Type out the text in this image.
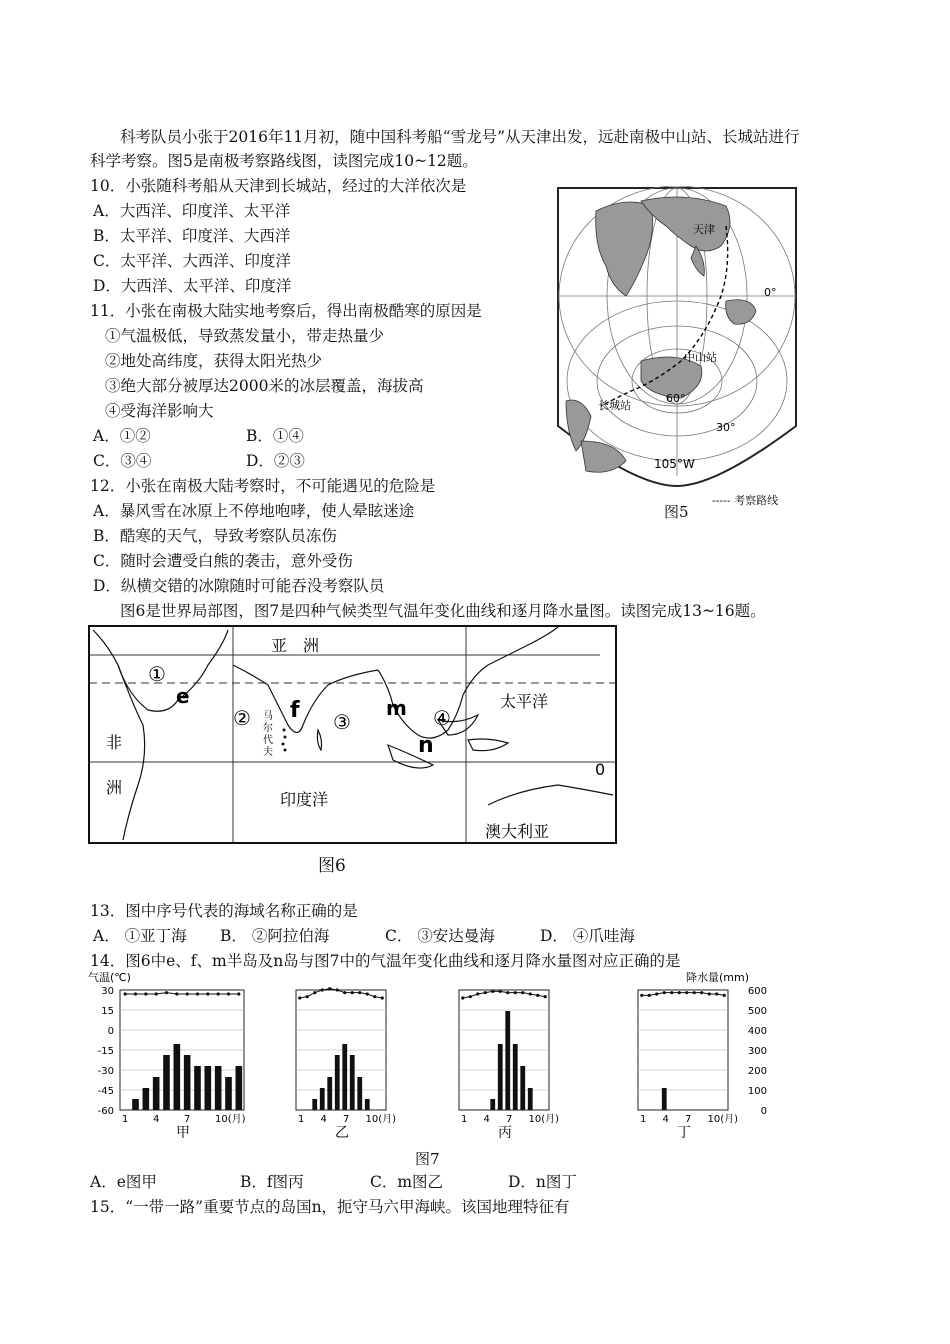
科考队员小张于2016年11月初，随中国科考船“雪龙号”从天津出发，远赴南极中山站、长城站进行
科学考察。图5是南极考察路线图，读图完成10~12题。
10．小张随科考船从天津到长城站，经过的大洋依次是
A．大西洋、印度洋、太平洋
B．太平洋、印度洋、大西洋
C．太平洋、大西洋、印度洋
D．大西洋、太平洋、印度洋
11．小张在南极大陆实地考察后，得出南极酷寒的原因是
①气温极低，导致蒸发量小，带走热量少
②地处高纬度，获得太阳光热少
③绝大部分被厚达2000米的冰层覆盖，海拔高
④受海洋影响大
A．①②	B．①④
C．③④	D．②③
12．小张在南极大陆考察时，不可能遇见的危险是
A．暴风雪在冰原上不停地咆哮，使人晕眩迷途
B．酷寒的天气，导致考察队员冻伤
C．随时会遭受白熊的袭击，意外受伤
D．纵横交错的冰隙随时可能吞没考察队员
图6是世界局部图，图7是四种气候类型气温年变化曲线和逐月降水量图。读图完成13~16题。
天津
0°
中山站
长城站
60°
30°
105°W
图5
----- 考察路线
亚　洲
非
洲
印度洋
太平洋
澳大利亚
①
②	③	④
e
f	m
n
0
马
尔
代
夫
图6
13．图中序号代表的海域名称正确的是
A． ①亚丁海 B． ②阿拉伯海	C． ③安达曼海	D． ④爪哇海
14．图6中e、f、m半岛及n岛与图7中的气温年变化曲线和逐月降水量图对应正确的是
气温(℃)
30
15
0
-15
-30
-45
-60
降水量(mm)
600
500
400
300
200
100
0
1 4 7 10(月)
甲
1 4 7 10(月)
乙
1 4 7 10(月)
丙
1 4 7 10(月)
丁
图7
A．e图甲	B．f图丙	C．m图乙	D．n图丁
15．“一带一路”重要节点的岛国n，扼守马六甲海峡。该国地理特征有
